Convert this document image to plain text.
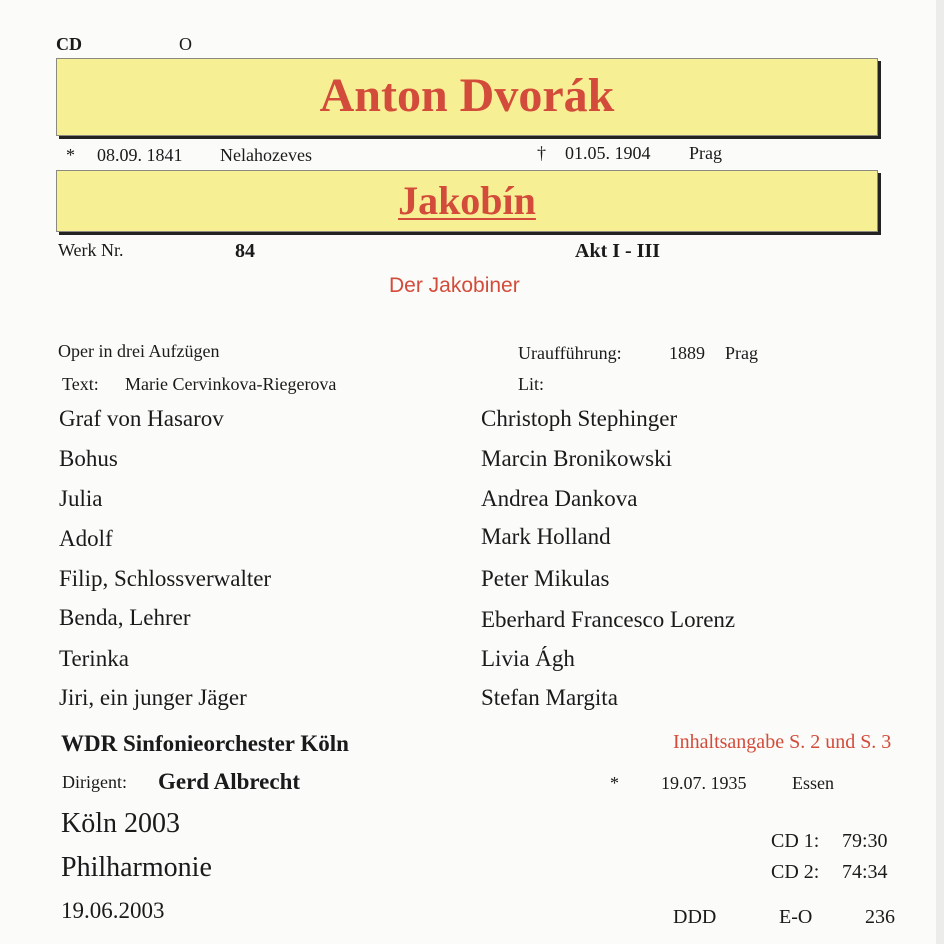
CD	O
Anton Dvorák
* 08.09. 1841 Nelahozeves	† 01.05. 1904 Prag
Jakobín
Werk Nr.	84	Akt I - III
Der Jakobiner
Oper in drei Aufzügen
Text: Marie Cervinkova-Riegerova
Uraufführung:	1889 Prag
Lit:
Graf von Hasarov	Christoph Stephinger
Bohus	Marcin Bronikowski
Julia	Andrea Dankova
Adolf	Mark Holland
Filip, Schlossverwalter	Peter Mikulas
Benda, Lehrer	Eberhard Francesco Lorenz
Terinka	Livia Ágh
Jiri, ein junger Jäger	Stefan Margita
WDR Sinfonieorchester Köln	Inhaltsangabe S. 2 und S. 3
Dirigent: Gerd Albrecht	* 19.07. 1935	Essen
Köln 2003
Philharmonie
19.06.2003
CD 1: 79:30
CD 2: 74:34
DDD	E-O	236
